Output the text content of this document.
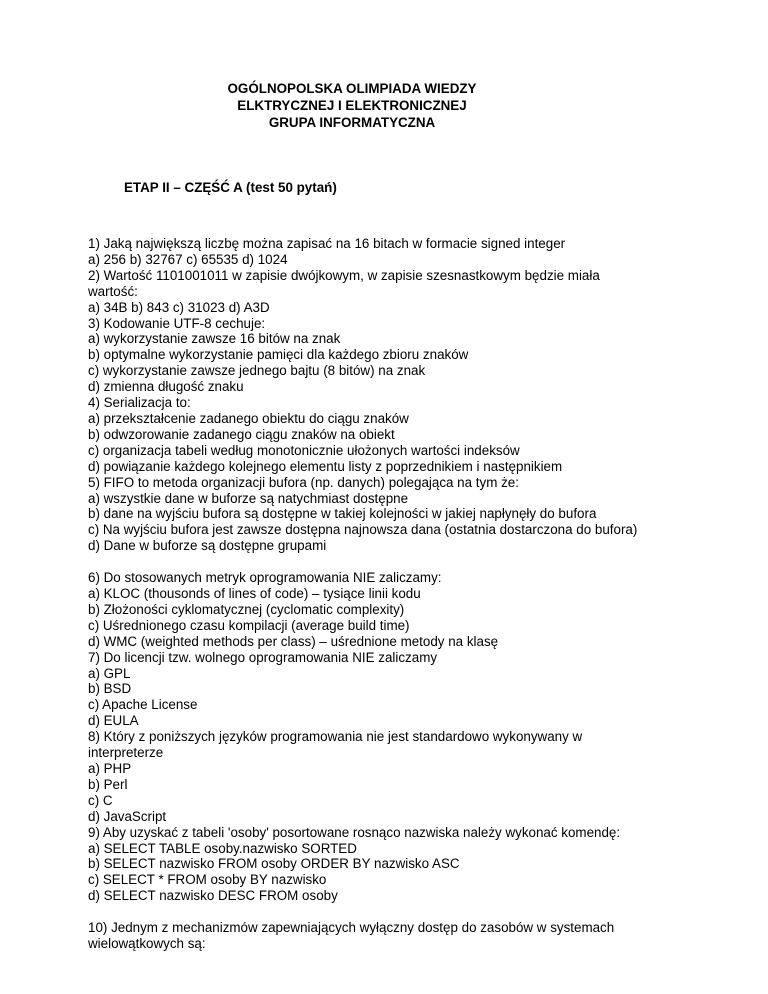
OGÓLNOPOLSKA OLIMPIADA WIEDZY
ELKTRYCZNEJ I ELEKTRONICZNEJ
GRUPA INFORMATYCZNA
ETAP II – CZĘŚĆ A (test 50 pytań)
1) Jaką największą liczbę można zapisać na 16 bitach w formacie signed integer
a) 256 b) 32767 c) 65535 d) 1024
2) Wartość 1101001011 w zapisie dwójkowym, w zapisie szesnastkowym będzie miała
wartość:
a) 34B b) 843 c) 31023 d) A3D
3) Kodowanie UTF-8 cechuje:
a) wykorzystanie zawsze 16 bitów na znak
b) optymalne wykorzystanie pamięci dla każdego zbioru znaków
c) wykorzystanie zawsze jednego bajtu (8 bitów) na znak
d) zmienna długość znaku
4) Serializacja to:
a) przekształcenie zadanego obiektu do ciągu znaków
b) odwzorowanie zadanego ciągu znaków na obiekt
c) organizacja tabeli według monotonicznie ułożonych wartości indeksów
d) powiązanie każdego kolejnego elementu listy z poprzednikiem i następnikiem
5) FIFO to metoda organizacji bufora (np. danych) polegająca na tym że:
a) wszystkie dane w buforze są natychmiast dostępne
b) dane na wyjściu bufora są dostępne w takiej kolejności w jakiej napłynęły do bufora
c) Na wyjściu bufora jest zawsze dostępna najnowsza dana (ostatnia dostarczona do bufora)
d) Dane w buforze są dostępne grupami
6) Do stosowanych metryk oprogramowania NIE zaliczamy:
a) KLOC (thousonds of lines of code) – tysiące linii kodu
b) Złożoności cyklomatycznej (cyclomatic complexity)
c) Uśrednionego czasu kompilacji (average build time)
d) WMC (weighted methods per class) – uśrednione metody na klasę
7) Do licencji tzw. wolnego oprogramowania NIE zaliczamy
a) GPL
b) BSD
c) Apache License
d) EULA
8) Który z poniższych języków programowania nie jest standardowo wykonywany w
interpreterze
a) PHP
b) Perl
c) C
d) JavaScript
9) Aby uzyskać z tabeli 'osoby' posortowane rosnąco nazwiska należy wykonać komendę:
a) SELECT TABLE osoby.nazwisko SORTED
b) SELECT nazwisko FROM osoby ORDER BY nazwisko ASC
c) SELECT * FROM osoby BY nazwisko
d) SELECT nazwisko DESC FROM osoby
10) Jednym z mechanizmów zapewniających wyłączny dostęp do zasobów w systemach
wielowątkowych są:
